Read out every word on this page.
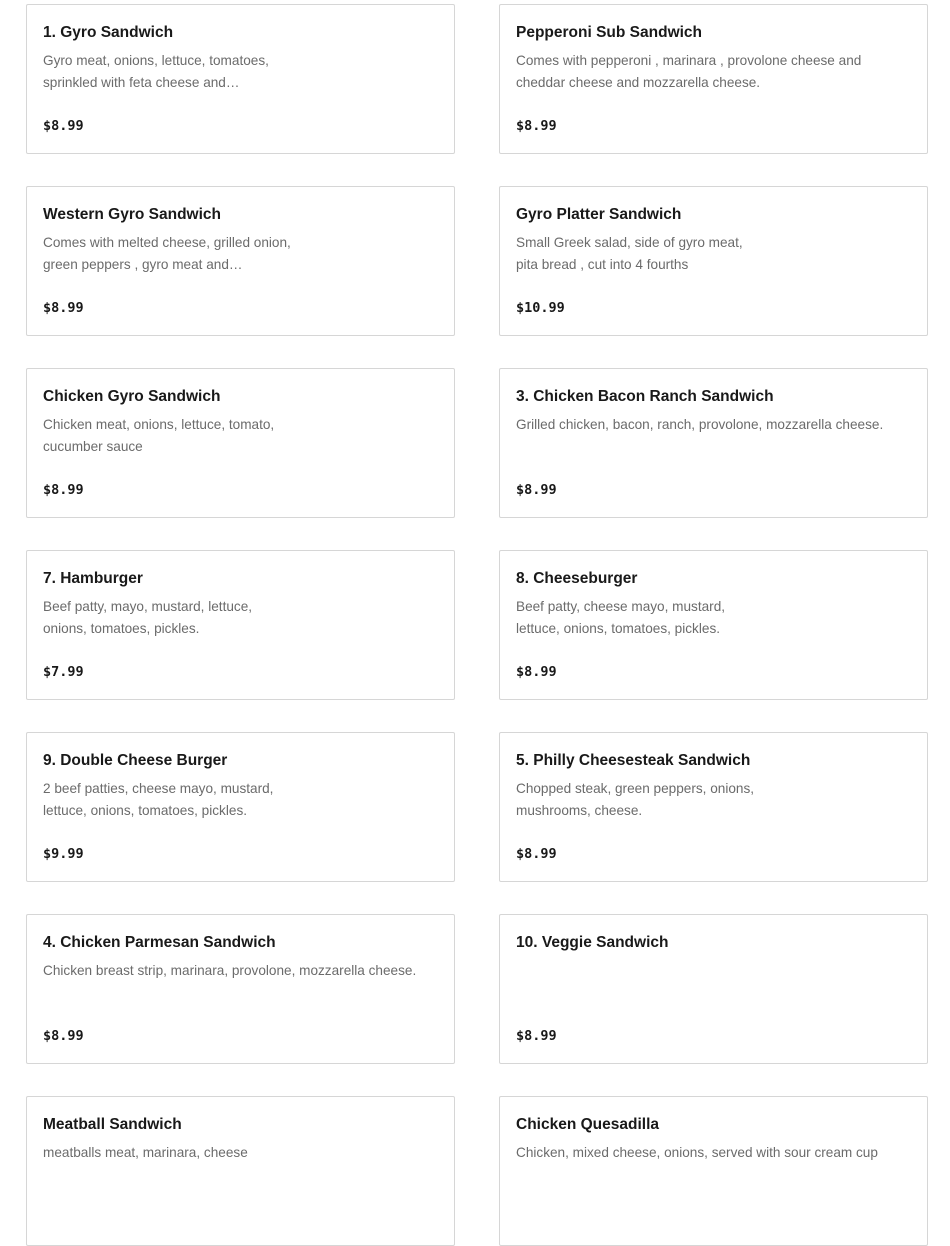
1. Gyro Sandwich
Gyro meat, onions, lettuce, tomatoes, sprinkled with feta cheese and…
$8.99
Pepperoni Sub Sandwich
Comes with pepperoni , marinara , provolone cheese and cheddar cheese and mozzarella cheese.
$8.99
Western Gyro Sandwich
Comes with melted cheese, grilled onion, green peppers , gyro meat and…
$8.99
Gyro Platter Sandwich
Small Greek salad, side of gyro meat, pita bread , cut into 4 fourths
$10.99
Chicken Gyro Sandwich
Chicken meat, onions, lettuce, tomato, cucumber sauce
$8.99
3. Chicken Bacon Ranch Sandwich
Grilled chicken, bacon, ranch, provolone, mozzarella cheese.
$8.99
7. Hamburger
Beef patty, mayo, mustard, lettuce, onions, tomatoes, pickles.
$7.99
8. Cheeseburger
Beef patty, cheese mayo, mustard, lettuce, onions, tomatoes, pickles.
$8.99
9. Double Cheese Burger
2 beef patties, cheese mayo, mustard, lettuce, onions, tomatoes, pickles.
$9.99
5. Philly Cheesesteak Sandwich
Chopped steak, green peppers, onions, mushrooms, cheese.
$8.99
4. Chicken Parmesan Sandwich
Chicken breast strip, marinara, provolone, mozzarella cheese.
$8.99
10. Veggie Sandwich
$8.99
Meatball Sandwich
meatballs meat, marinara, cheese
Chicken Quesadilla
Chicken, mixed cheese, onions, served with sour cream cup
